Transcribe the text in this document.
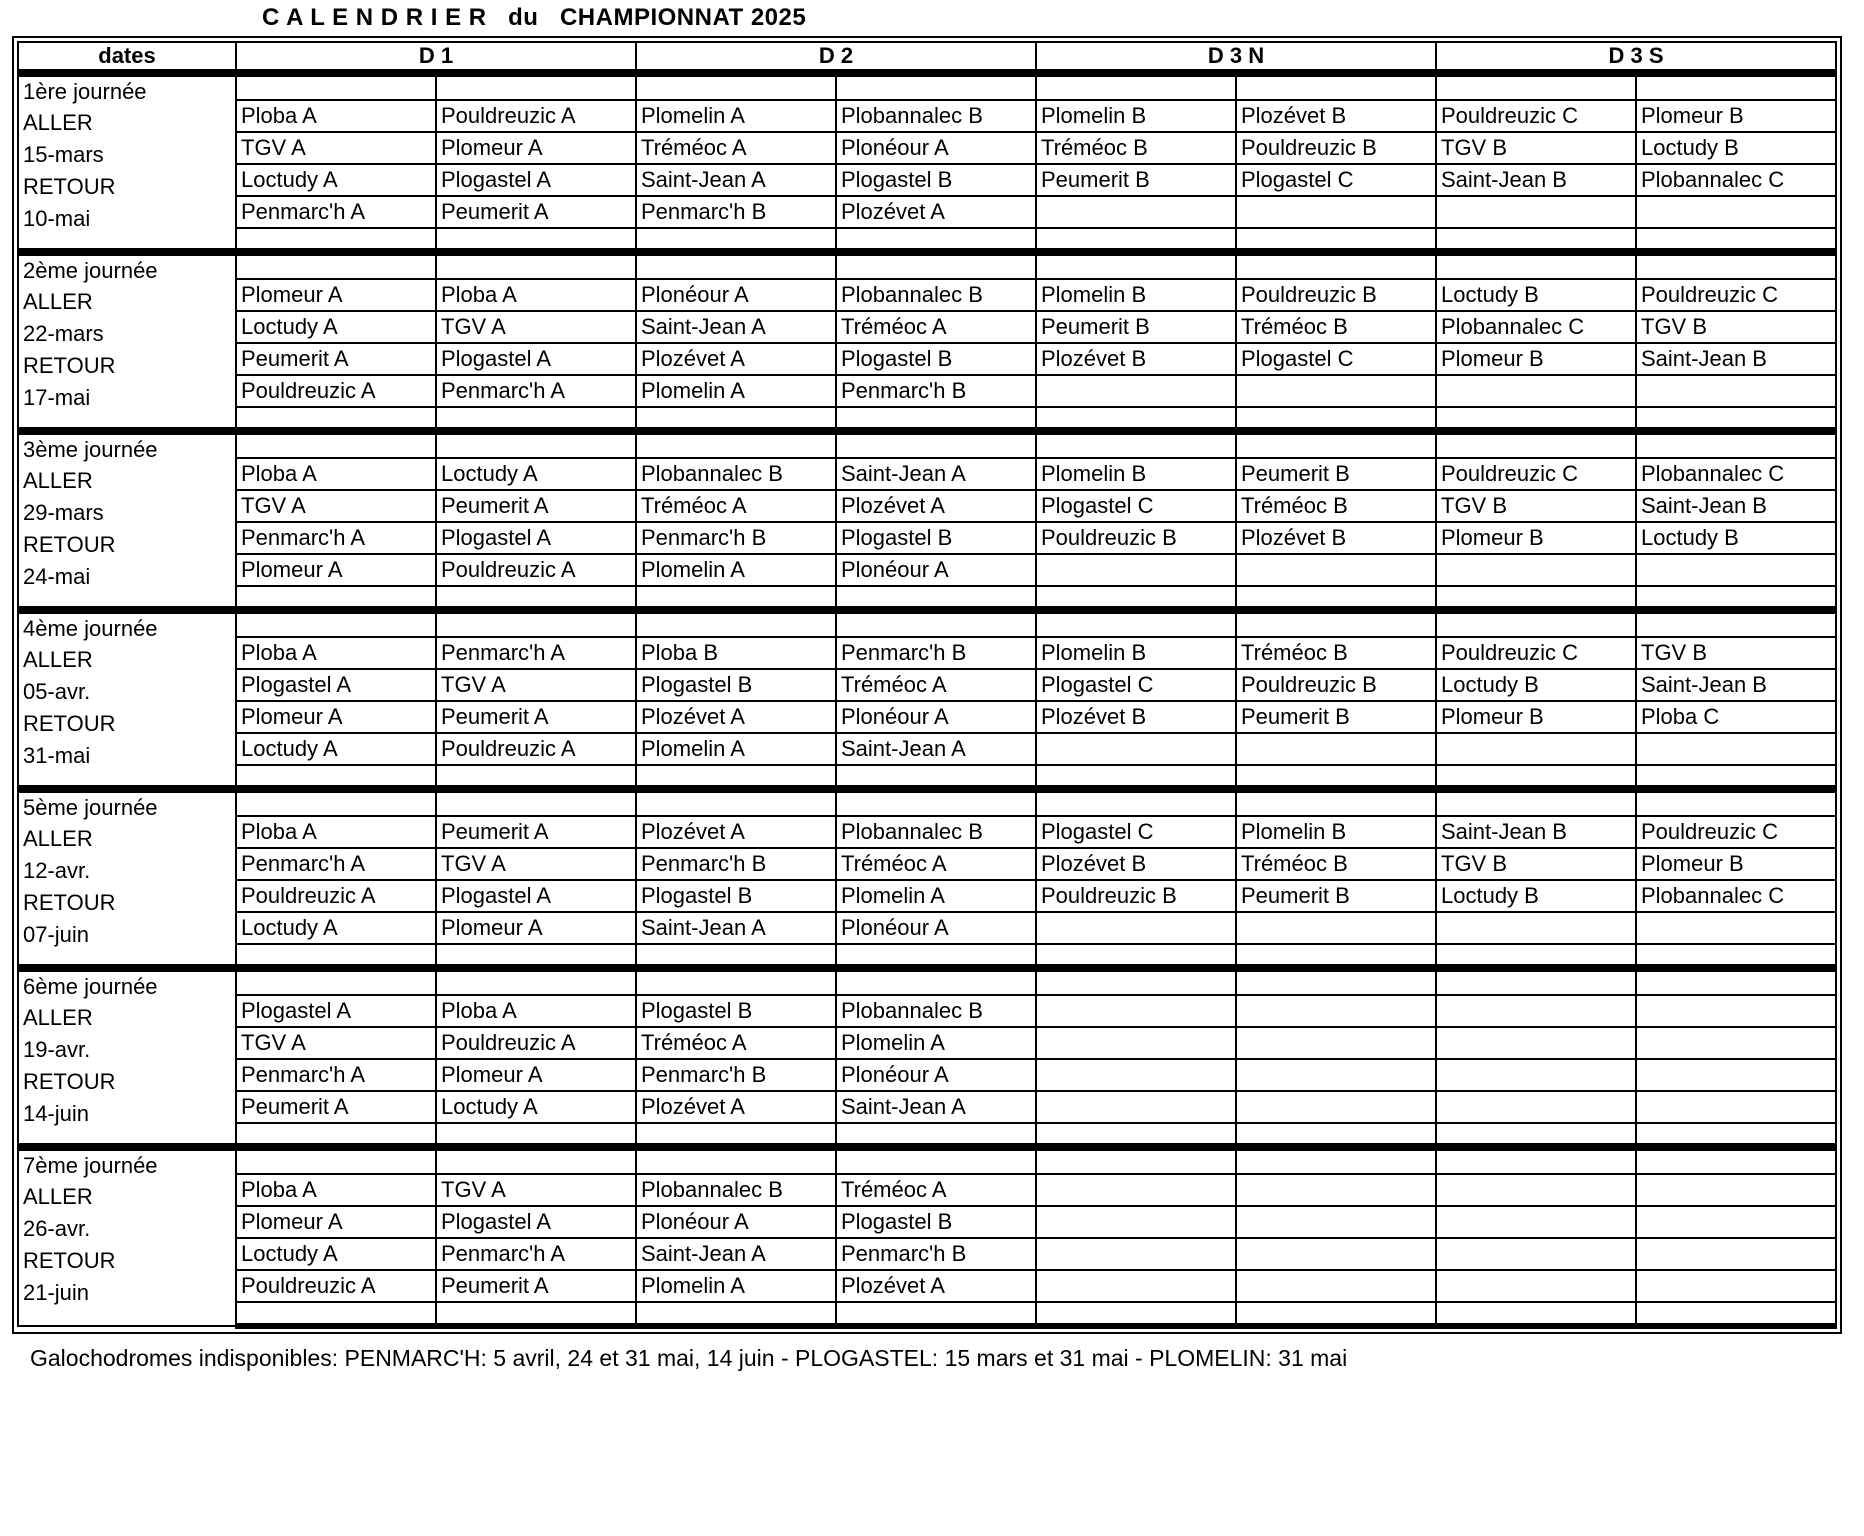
C A L E N D R I E R   du   CHAMPIONNAT 2025
dates	D 1		D 2		D 3 N		D 3 S	

1ère journée
ALLER
15-mars
RETOUR
10-mai								

	Ploba A	Pouldreuzic A	Plomelin A	Plobannalec B	Plomelin B	Plozévet B	Pouldreuzic C	Plomeur B
	TGV A	Plomeur A	Tréméoc A	Plonéour A	Tréméoc B	Pouldreuzic B	TGV B	Loctudy B
	Loctudy A	Plogastel A	Saint-Jean A	Plogastel B	Peumerit B	Plogastel C	Saint-Jean B	Plobannalec C
	Penmarc'h A	Peumerit A	Penmarc'h B	Plozévet A				

2ème journée
ALLER
22-mars
RETOUR
17-mai								

	Plomeur A	Ploba A	Plonéour A	Plobannalec B	Plomelin B	Pouldreuzic B	Loctudy B	Pouldreuzic C
	Loctudy A	TGV A	Saint-Jean A	Tréméoc A	Peumerit B	Tréméoc B	Plobannalec C	TGV B
	Peumerit A	Plogastel A	Plozévet A	Plogastel B	Plozévet B	Plogastel C	Plomeur B	Saint-Jean B
	Pouldreuzic A	Penmarc'h A	Plomelin A	Penmarc'h B				

3ème journée
ALLER
29-mars
RETOUR
24-mai								

	Ploba A	Loctudy A	Plobannalec B	Saint-Jean A	Plomelin B	Peumerit B	Pouldreuzic C	Plobannalec C
	TGV A	Peumerit A	Tréméoc A	Plozévet A	Plogastel C	Tréméoc B	TGV B	Saint-Jean B
	Penmarc'h A	Plogastel A	Penmarc'h B	Plogastel B	Pouldreuzic B	Plozévet B	Plomeur B	Loctudy B
	Plomeur A	Pouldreuzic A	Plomelin A	Plonéour A				

4ème journée
ALLER
05-avr.
RETOUR
31-mai								

	Ploba A	Penmarc'h A	Ploba B	Penmarc'h B	Plomelin B	Tréméoc B	Pouldreuzic C	TGV B
	Plogastel A	TGV A	Plogastel B	Tréméoc A	Plogastel C	Pouldreuzic B	Loctudy B	Saint-Jean B
	Plomeur A	Peumerit A	Plozévet A	Plonéour A	Plozévet B	Peumerit B	Plomeur B	Ploba C
	Loctudy A	Pouldreuzic A	Plomelin A	Saint-Jean A				

5ème journée
ALLER
12-avr.
RETOUR
07-juin								

	Ploba A	Peumerit A	Plozévet A	Plobannalec B	Plogastel C	Plomelin B	Saint-Jean B	Pouldreuzic C
	Penmarc'h A	TGV A	Penmarc'h B	Tréméoc A	Plozévet B	Tréméoc B	TGV B	Plomeur B
	Pouldreuzic A	Plogastel A	Plogastel B	Plomelin A	Pouldreuzic B	Peumerit B	Loctudy B	Plobannalec C
	Loctudy A	Plomeur A	Saint-Jean A	Plonéour A				

6ème journée
ALLER
19-avr.
RETOUR
14-juin								

	Plogastel A	Ploba A	Plogastel B	Plobannalec B				
	TGV A	Pouldreuzic A	Tréméoc A	Plomelin A				
	Penmarc'h A	Plomeur A	Penmarc'h B	Plonéour A				
	Peumerit A	Loctudy A	Plozévet A	Saint-Jean A				

7ème journée
ALLER
26-avr.
RETOUR
21-juin								

	Ploba A	TGV A	Plobannalec B	Tréméoc A				
	Plomeur A	Plogastel A	Plonéour A	Plogastel B				
	Loctudy A	Penmarc'h A	Saint-Jean A	Penmarc'h B				
	Pouldreuzic A	Peumerit A	Plomelin A	Plozévet A				

Galochodromes indisponibles: PENMARC'H: 5 avril, 24 et 31 mai, 14 juin - PLOGASTEL: 15 mars et 31 mai - PLOMELIN: 31 mai
